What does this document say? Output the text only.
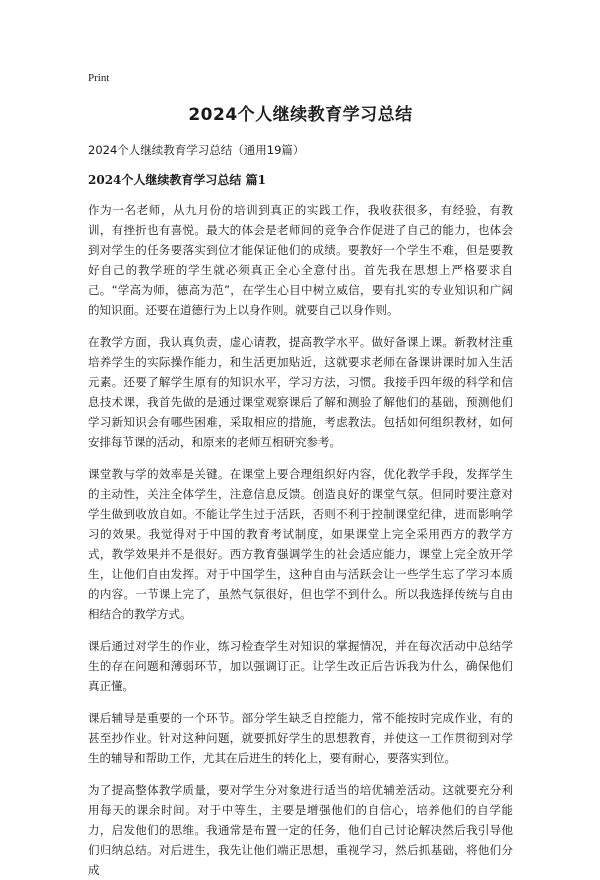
Print
2024个人继续教育学习总结
2024个人继续教育学习总结（通用19篇）
2024个人继续教育学习总结 篇1

作为一名老师，从九月份的培训到真正的实践工作，我收获很多，有经验，有教训，有挫折也有喜悦。最大的体会是老师间的竞争合作促进了自己的能力，也体会到对学生的任务要落实到位才能保证他们的成绩。要教好一个学生不难，但是要教好自己的教学班的学生就必须真正全心全意付出。首先我在思想上严格要求自己。“学高为师，德高为范”，在学生心目中树立威信，要有扎实的专业知识和广阔的知识面。还要在道德行为上以身作则。就要自己以身作则。

在教学方面，我认真负责，虚心请教，提高教学水平。做好备课上课。新教材注重培养学生的实际操作能力，和生活更加贴近，这就要求老师在备课讲课时加入生活元素。还要了解学生原有的知识水平，学习方法，习惯。我接手四年级的科学和信息技术课，我首先做的是通过课堂观察课后了解和测验了解他们的基础，预测他们学习新知识会有哪些困难，采取相应的措施，考虑教法。包括如何组织教材，如何安排每节课的活动，和原来的老师互相研究参考。

课堂教与学的效率是关键。在课堂上要合理组织好内容，优化教学手段，发挥学生的主动性，关注全体学生，注意信息反馈。创造良好的课堂气氛。但同时要注意对学生做到收放自如。不能让学生过于活跃，否则不利于控制课堂纪律，进而影响学习的效果。我觉得对于中国的教育考试制度，如果课堂上完全采用西方的教学方式，教学效果并不是很好。西方教育强调学生的社会适应能力，课堂上完全放开学生，让他们自由发挥。对于中国学生，这种自由与活跃会让一些学生忘了学习本质的内容。一节课上完了，虽然气氛很好，但也学不到什么。所以我选择传统与自由相结合的教学方式。

课后通过对学生的作业，练习检查学生对知识的掌握情况，并在每次活动中总结学生的存在问题和薄弱环节，加以强调订正。让学生改正后告诉我为什么，确保他们真正懂。

课后辅导是重要的一个环节。部分学生缺乏自控能力，常不能按时完成作业，有的甚至抄作业。针对这种问题，就要抓好学生的思想教育，并使这一工作贯彻到对学生的辅导和帮助工作，尤其在后进生的转化上，要有耐心，要落实到位。

为了提高整体教学质量，要对学生分对象进行适当的培优辅差活动。这就要充分利用每天的课余时间。对于中等生，主要是增强他们的自信心，培养他们的自学能力，启发他们的思维。我通常是布置一定的任务，他们自己讨论解决然后我引导他们归纳总结。对后进生，我先让他们端正思想，重视学习，然后抓基础，将他们分成
